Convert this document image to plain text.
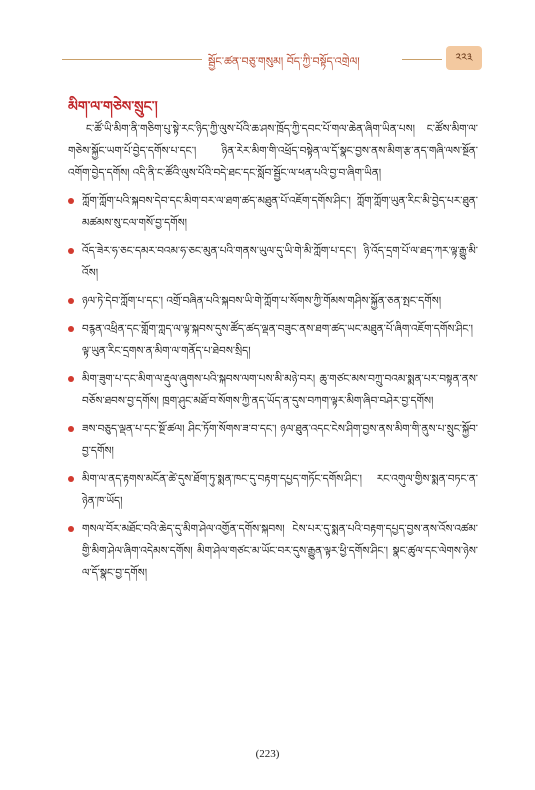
སྦྱོང་ཚན་བཅུ་གསུམ། བོད་ཀྱི་བསྟོད་འགྲེལ།	༢༢༣
མིག་ལ་གཅེས་སྲུང་།

ང་ཚོ་ཡི་མིག་ནི་གཅིག་པུ་སྟེ་རང་ཉིད་ཀྱི་ལུས་པོའི་ཆ་ཤས་ཁྲོད་ཀྱི་དབང་པོ་གལ་ཆེན་ཞིག་ཡིན་པས། ང་ཚོས་མིག་ལ་གཅེས་སྐྱོང་ཡག་པོ་བྱེད་དགོས་པ་དང་། ཉིན་རེར་མིག་གི་འཕྲོད་བསྟེན་ལ་དོ་སྣང་བྱས་ནས་མིག་རྩ་ནད་གཞི་ལས་སྔོན་འགོག་བྱེད་དགོས། འདི་ནི་ང་ཚོའི་ལུས་པོའི་བདེ་ཐང་དང་སློབ་སྦྱོང་ལ་ཕན་པའི་བྱ་བ་ཞིག་ཡིན།

ཀློག་ཀློག་པའི་སྐབས་དེབ་དང་མིག་བར་ལ་ཐག་ཚད་མཐུན་པོ་འཇོག་དགོས་ཤིང་། ཀློག་ཀློག་ཡུན་རིང་མི་བྱེད་པར་ཐུན་མཚམས་སུ་ངལ་གསོ་བྱ་དགོས།
འོད་ཟེར་ཧ་ཅང་དམར་བའམ་ཧ་ཅང་མུན་པའི་གནས་ཡུལ་དུ་ཡི་གེ་མི་ཀློག་པ་དང་། ཉི་འོད་དྲག་པོ་ལ་ཐད་ཀར་ལྟ་རྒྱུ་མི་འོས།
ཉལ་ཏེ་དེབ་ཀློག་པ་དང་། འགྲོ་བཞིན་པའི་སྐབས་ཡི་གེ་ཀློག་པ་སོགས་ཀྱི་གོམས་གཤིས་སྐྱོན་ཅན་སྤང་དགོས།
བརྙན་འཕྲིན་དང་གློག་ཀླད་ལ་ལྟ་སྐབས་དུས་ཚོད་ཚད་ལྡན་བཟུང་ནས་ཐག་ཚད་ཡང་མཐུན་པོ་ཞིག་འཇོག་དགོས་ཤིང་། ལྟ་ཡུན་རིང་དྲགས་ན་མིག་ལ་གནོད་པ་ཐེབས་སྲིད།
མིག་ཟུག་པ་དང་མིག་ལ་རྡུལ་ཞུགས་པའི་སྐབས་ལག་པས་མི་མཉེ་བར། ཆུ་གཙང་མས་བཀྲུ་བའམ་སྨན་པར་བསྟན་ནས་བཅོས་ཐབས་བྱ་དགོས། ཁྲག་ཤུང་མཐོ་བ་སོགས་ཀྱི་ནད་ཡོད་ན་དུས་བཀག་ལྟར་མིག་ཞིབ་བཤེར་བྱ་དགོས།
ཟས་བཅུད་ལྡན་པ་དང་སྔོ་ཚལ། ཤིང་ཏོག་སོགས་ཟ་བ་དང་། ཉལ་ཐུན་འདང་ངེས་ཤིག་བྱས་ནས་མིག་གི་ནུས་པ་སྲུང་སྐྱོབ་བྱ་དགོས།
མིག་ལ་ནད་རྟགས་མངོན་ཚེ་དུས་ཐོག་ཏུ་སྨན་ཁང་དུ་བརྟག་དཔྱད་གཏོང་དགོས་ཤིང་། རང་འགུལ་གྱིས་སྨན་བཏང་ན་ཉེན་ཁ་ཡོད།
གསལ་བོར་མཐོང་བའི་ཆེད་དུ་མིག་ཤེལ་འགྱོན་དགོས་སྐབས། ངེས་པར་དུ་སྨན་པའི་བརྟག་དཔྱད་བྱས་ནས་འོས་འཚམ་གྱི་མིག་ཤེལ་ཞིག་འདེམས་དགོས། མིག་ཤེལ་གཙང་མ་ཡོང་བར་དུས་རྒྱུན་ལྟར་ཕྱི་དགོས་ཤིང་། སྣང་ཚུལ་དང་ལེགས་ཉེས་ལ་དོ་སྣང་བྱ་དགོས།
(223)
